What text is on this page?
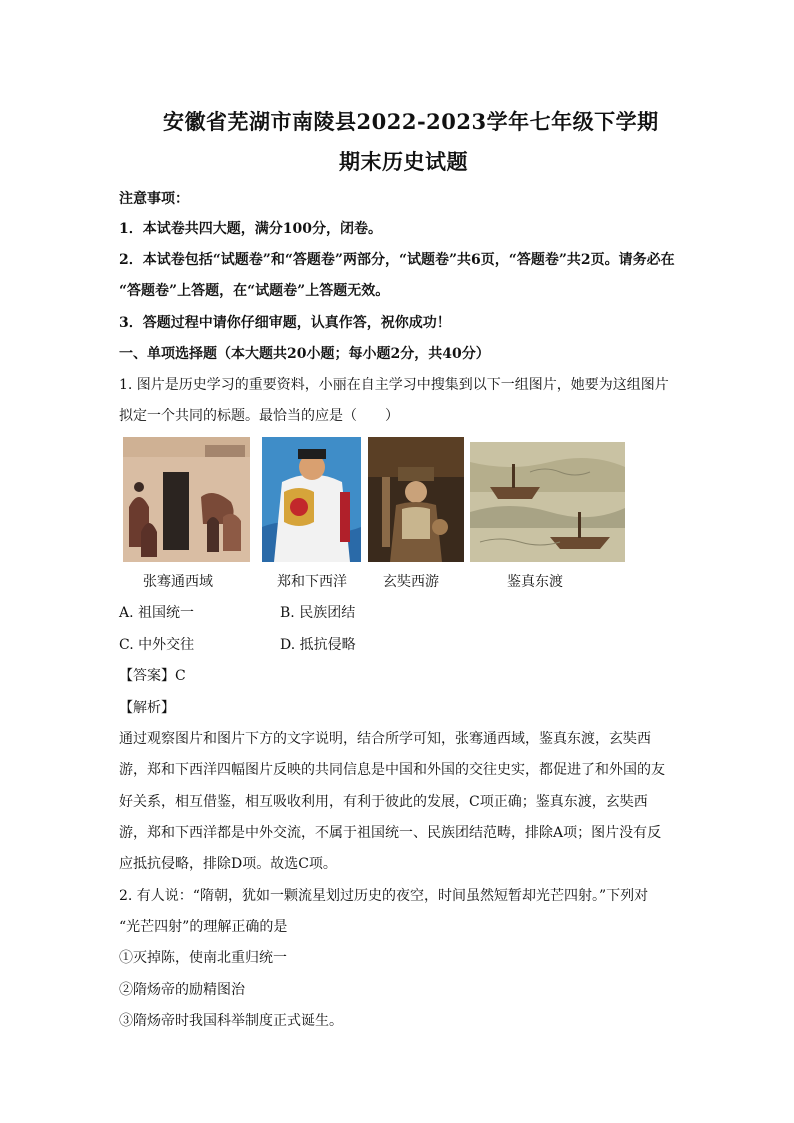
安徽省芜湖市南陵县2022-2023学年七年级下学期
期末历史试题
注意事项：
1．本试卷共四大题，满分100分，闭卷。
2．本试卷包括“试题卷”和“答题卷”两部分，“试题卷”共6页，“答题卷”共2页。请务必在
“答题卷”上答题，在“试题卷”上答题无效。
3．答题过程中请你仔细审题，认真作答，祝你成功！
一、单项选择题（本大题共20小题；每小题2分，共40分）
1. 图片是历史学习的重要资料，小丽在自主学习中搜集到以下一组图片，她要为这组图片
拟定一个共同的标题。最恰当的应是（　　）
张骞通西域	郑和下西洋	玄奘西游	鉴真东渡
A. 祖国统一	B. 民族团结
C. 中外交往	D. 抵抗侵略
【答案】C
【解析】
通过观察图片和图片下方的文字说明，结合所学可知，张骞通西域，鉴真东渡，玄奘西
游，郑和下西洋四幅图片反映的共同信息是中国和外国的交往史实，都促进了和外国的友
好关系，相互借鉴，相互吸收利用，有利于彼此的发展，C项正确；鉴真东渡，玄奘西
游，郑和下西洋都是中外交流，不属于祖国统一、民族团结范畴，排除A项；图片没有反
应抵抗侵略，排除D项。故选C项。
2. 有人说：“隋朝，犹如一颗流星划过历史的夜空，时间虽然短暂却光芒四射。”下列对
“光芒四射”的理解正确的是
①灭掉陈，使南北重归统一
②隋炀帝的励精图治
③隋炀帝时我国科举制度正式诞生。
